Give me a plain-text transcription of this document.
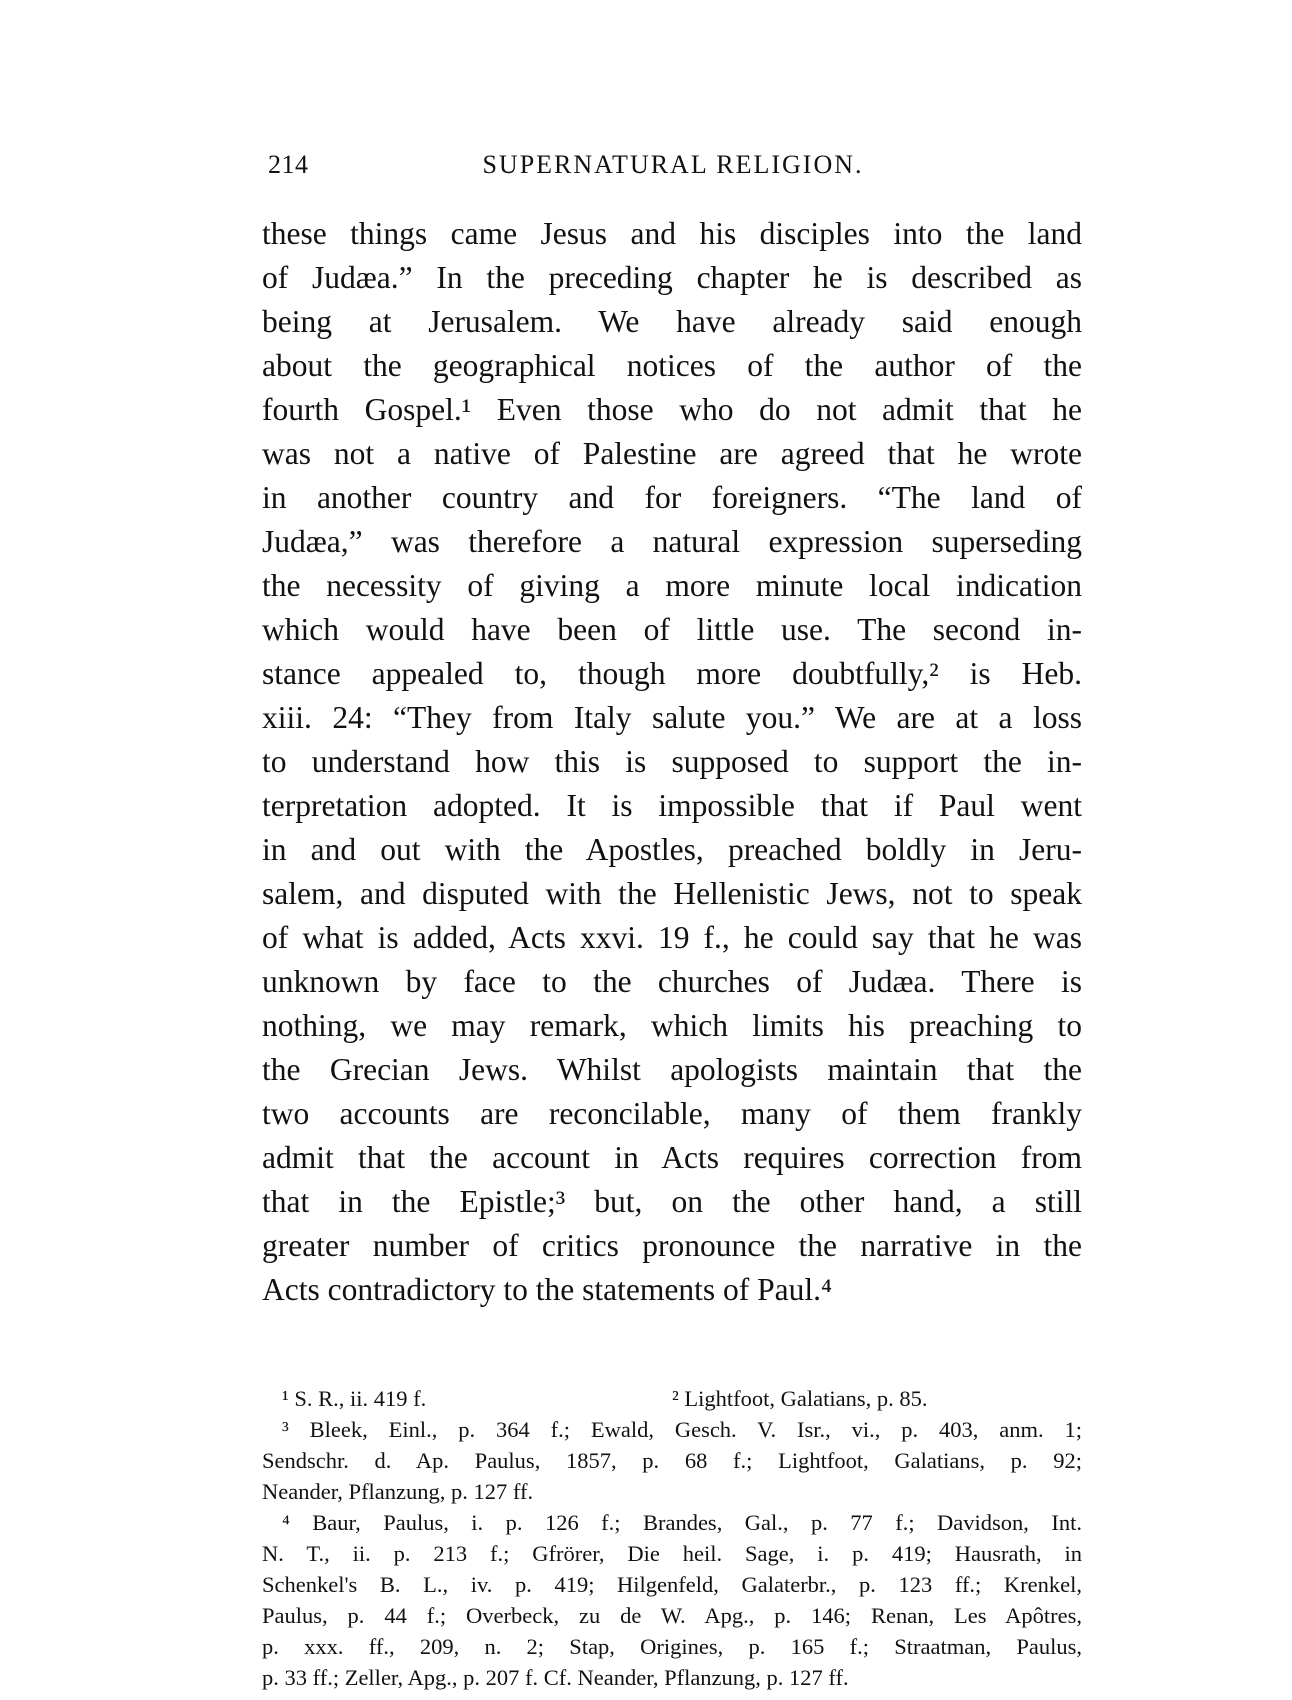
214	SUPERNATURAL RELIGION.
these things came Jesus and his disciples into the land
of Judæa.” In the preceding chapter he is described as
being at Jerusalem. We have already said enough
about the geographical notices of the author of the
fourth Gospel.¹ Even those who do not admit that he
was not a native of Palestine are agreed that he wrote
in another country and for foreigners. “The land of
Judæa,” was therefore a natural expression superseding
the necessity of giving a more minute local indication
which would have been of little use. The second in-
stance appealed to, though more doubtfully,² is Heb.
xiii. 24: “They from Italy salute you.” We are at a loss
to understand how this is supposed to support the in-
terpretation adopted. It is impossible that if Paul went
in and out with the Apostles, preached boldly in Jeru-
salem, and disputed with the Hellenistic Jews, not to speak
of what is added, Acts xxvi. 19 f., he could say that he was
unknown by face to the churches of Judæa. There is
nothing, we may remark, which limits his preaching to
the Grecian Jews. Whilst apologists maintain that the
two accounts are reconcilable, many of them frankly
admit that the account in Acts requires correction from
that in the Epistle;³ but, on the other hand, a still
greater number of critics pronounce the narrative in the
Acts contradictory to the statements of Paul.⁴
¹ S. R., ii. 419 f.	² Lightfoot, Galatians, p. 85.
³ Bleek, Einl., p. 364 f.; Ewald, Gesch. V. Isr., vi., p. 403, anm. 1;
Sendschr. d. Ap. Paulus, 1857, p. 68 f.; Lightfoot, Galatians, p. 92;
Neander, Pflanzung, p. 127 ff.
⁴ Baur, Paulus, i. p. 126 f.; Brandes, Gal., p. 77 f.; Davidson, Int.
N. T., ii. p. 213 f.; Gfrörer, Die heil. Sage, i. p. 419; Hausrath, in
Schenkel's B. L., iv. p. 419; Hilgenfeld, Galaterbr., p. 123 ff.; Krenkel,
Paulus, p. 44 f.; Overbeck, zu de W. Apg., p. 146; Renan, Les Apôtres,
p. xxx. ff., 209, n. 2; Stap, Origines, p. 165 f.; Straatman, Paulus,
p. 33 ff.; Zeller, Apg., p. 207 f. Cf. Neander, Pflanzung, p. 127 ff.
